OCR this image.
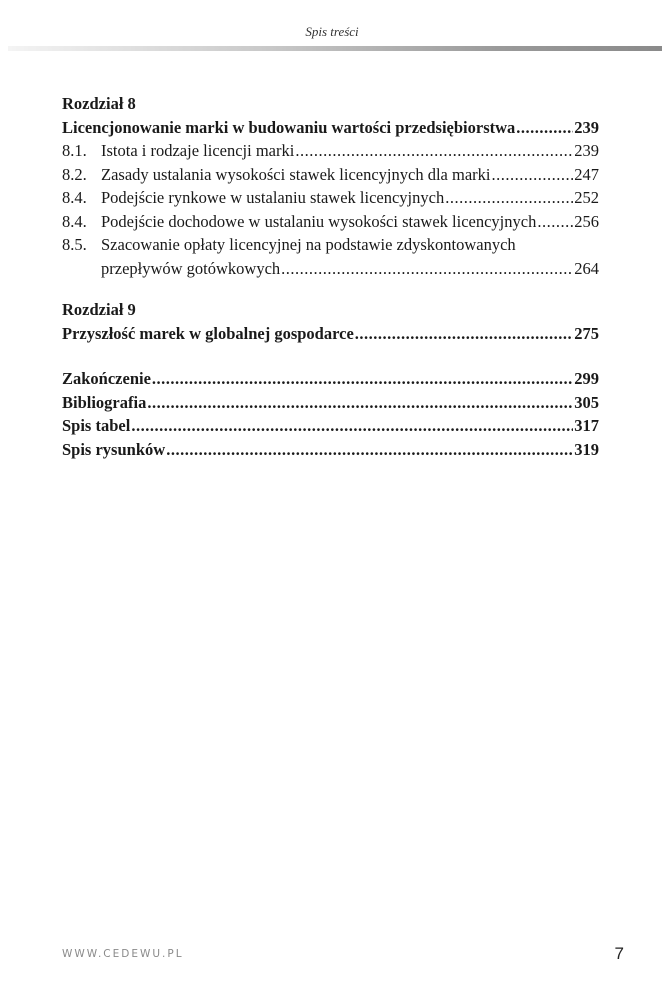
Spis treści
Rozdział 8
Licencjonowanie marki w budowaniu wartości przedsiębiorstwa .....	239
8.1. Istota i rodzaje licencji marki .....	239
8.2. Zasady ustalania wysokości stawek licencyjnych dla marki .....	247
8.4. Podejście rynkowe w ustalaniu stawek licencyjnych .....	252
8.4. Podejście dochodowe w ustalaniu wysokości stawek licencyjnych ..... 256
8.5. Szacowanie opłaty licencyjnej na podstawie zdyskontowanych
przepływów gotówkowych .....	264
Rozdział 9
Przyszłość marek w globalnej gospodarce .....	275
Zakończenie .....	299
Bibliografia .....	305
Spis tabel .....	317
Spis rysunków .....	319
WWW.CEDEWU.PL	7
